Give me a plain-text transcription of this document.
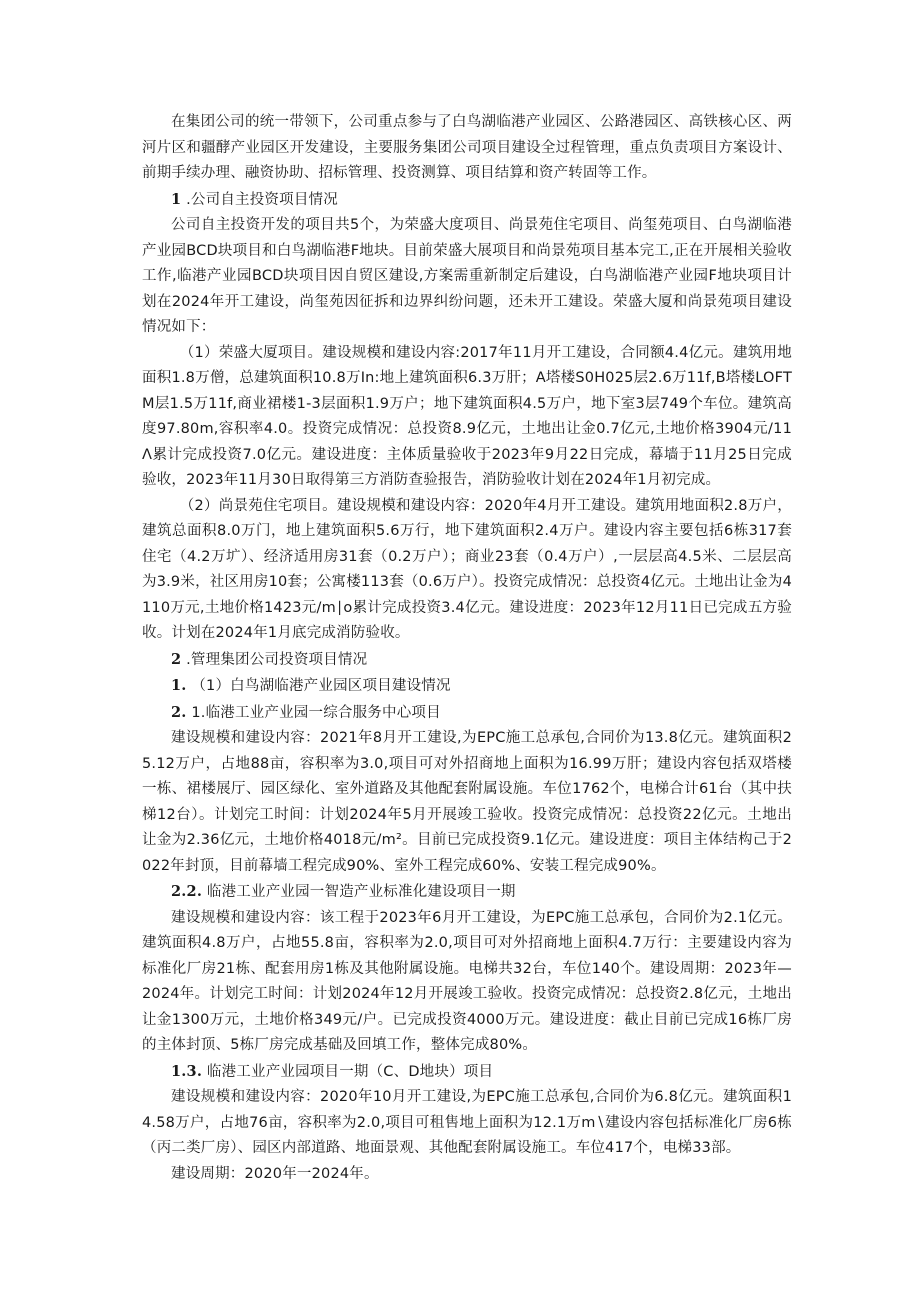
在集团公司的统一带领下，公司重点参与了白鸟湖临港产业园区、公路港园区、高铁核心区、两河片区和疆酵产业园区开发建设，主要服务集团公司项目建设全过程管理，重点负责项目方案设计、前期手续办理、融资协助、招标管理、投资测算、项目结算和资产转固等工作。

1 .公司自主投资项目情况

公司自主投资开发的项目共5个，为荣盛大度项目、尚景苑住宅项目、尚玺苑项目、白鸟湖临港产业园BCD块项目和白鸟湖临港F地块。目前荣盛大展项目和尚景苑项目基本完工,正在开展相关验收工作,临港产业园BCD块项目因自贸区建设,方案需重新制定后建设，白鸟湖临港产业园F地块项目计划在2024年开工建设，尚玺苑因征拆和边界纠纷问题，还未开工建设。荣盛大厦和尚景苑项目建设情况如下：

（1）荣盛大厦项目。建设规模和建设内容:2017年11月开工建设，合同额4.4亿元。建筑用地面积1.8万僧，总建筑面积10.8万In:地上建筑面积6.3万肝；A塔楼S0H025层2.6万11f,B塔楼LOFTM层1.5万11f,商业裙楼1-3层面积1.9万户；地下建筑面积4.5万户，地下室3层749个车位。建筑高度97.80m,容积率4.0。投资完成情况：总投资8.9亿元，土地出让金0.7亿元,土地价格3904元/11Λ累计完成投资7.0亿元。建设进度：主体质量验收于2023年9月22日完成，幕墙于11月25日完成验收，2023年11月30日取得第三方消防查验报告，消防验收计划在2024年1月初完成。

（2）尚景苑住宅项目。建设规模和建设内容：2020年4月开工建设。建筑用地面积2.8万户，建筑总面积8.0万门，地上建筑面积5.6万行，地下建筑面积2.4万户。建设内容主要包括6栋317套住宅（4.2万圹）、经济适用房31套（0.2万户）；商业23套（0.4万户）,一层层高4.5米、二层层高为3.9米，社区用房10套；公寓楼113套（0.6万户）。投资完成情况：总投资4亿元。土地出让金为4110万元,土地价格1423元/m∣o累计完成投资3.4亿元。建设进度：2023年12月11日已完成五方验收。计划在2024年1月底完成消防验收。

2 .管理集团公司投资项目情况

1. （1）白鸟湖临港产业园区项目建设情况

2. 1.临港工业产业园一综合服务中心项目

建设规模和建设内容：2021年8月开工建设,为EPC施工总承包,合同价为13.8亿元。建筑面积25.12万户，占地88亩，容积率为3.0,项目可对外招商地上面积为16.99万肝；建设内容包括双塔楼一栋、裙楼展厅、园区绿化、室外道路及其他配套附属设施。车位1762个，电梯合计61台（其中扶梯12台）。计划完工时间：计划2024年5月开展竣工验收。投资完成情况：总投资22亿元。土地出让金为2.36亿元，土地价格4018元/m²。目前已完成投资9.1亿元。建设进度：项目主体结构己于2022年封顶，目前幕墙工程完成90%、室外工程完成60%、安装工程完成90%。

2.2. 临港工业产业园一智造产业标准化建设项目一期

建设规模和建设内容：该工程于2023年6月开工建设，为EPC施工总承包，合同价为2.1亿元。建筑面积4.8万户，占地55.8亩，容积率为2.0,项目可对外招商地上面积4.7万行：主要建设内容为标准化厂房21栋、配套用房1栋及其他附属设施。电梯共32台，车位140个。建设周期：2023年—2024年。计划完工时间：计划2024年12月开展竣工验收。投资完成情况：总投资2.8亿元，土地出让金1300万元，土地价格349元/户。已完成投资4000万元。建设进度：截止目前已完成16栋厂房的主体封顶、5栋厂房完成基础及回填工作，整体完成80%。

1.3. 临港工业产业园项目一期（C、D地块）项目

建设规模和建设内容：2020年10月开工建设,为EPC施工总承包,合同价为6.8亿元。建筑面积14.58万户，占地76亩，容积率为2.0,项目可租售地上面积为12.1万m∖建设内容包括标准化厂房6栋（丙二类厂房）、园区内部道路、地面景观、其他配套附属设施工。车位417个，电梯33部。

建设周期：2020年一2024年。
